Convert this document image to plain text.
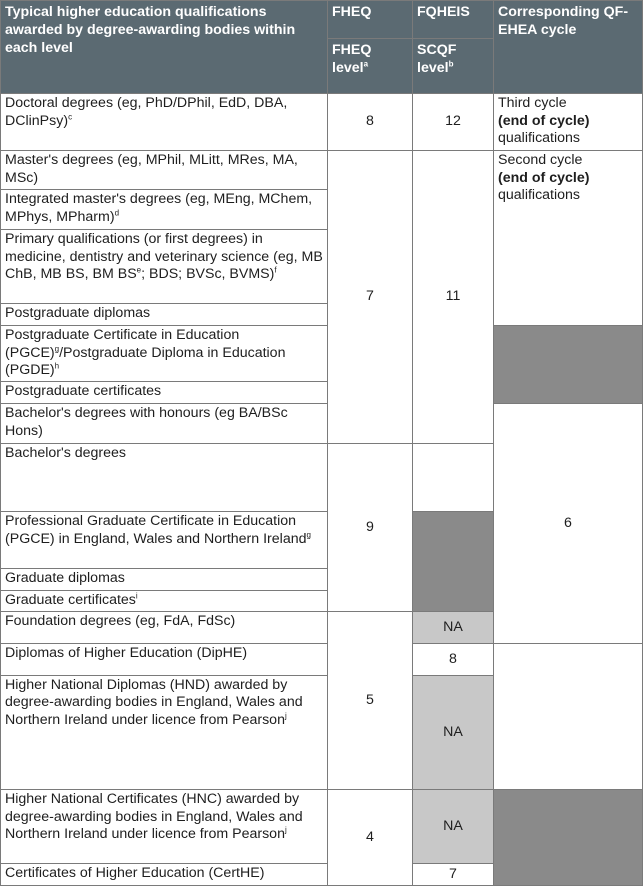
Typical higher education qualifications awarded by degree-awarding bodies within each level	FHEQ	FQHEIS	Corresponding QF-EHEA cycle	
	FHEQ level$^a$	SCQF level$^b$
Doctoral degrees (eg, PhD/DPhil, EdD, DBA, DClinPsy)$^c$	8	12	Third cycle
(end of cycle)
qualifications	
Master's degrees (eg, MPhil, MLitt, MRes, MA, MSc)	7	11	Second cycle
(end of cycle)
qualifications	
Integrated master's degrees (eg, MEng, MChem, MPhys, MPharm)$^d$
Primary qualifications (or first degrees) in medicine, dentistry and veterinary science (eg, MB ChB, MB BS, BM $BS^e$; BDS; BVSc, BVMS)$^f$
Postgraduate diplomas				
Postgraduate Certificate in Education (PGCE)$^g$/Postgraduate Diploma in Education (PGDE)$^h$	
Postgraduate certificates				
Bachelor's degrees with honours (eg BA/BSc Hons)			6		

Bachelor's degrees	9			
Professional Graduate Certificate in Education (PGCE) in England, Wales and Northern Ireland$^g$	
Graduate diplomas				
Graduate certificates$^i$
Foundation degrees (eg, FdA, FdSc)	5	NA	

Diplomas of Higher Education (DipHE)		8		
Higher National Diplomas (HND) awarded by degree-awarding bodies in England, Wales and Northern Ireland under licence from Pearson$^j$		NA		
Higher National Certificates (HNC) awarded by degree-awarding bodies in England, Wales and Northern Ireland under licence from Pearson$^j$	4	NA		
Certificates of Higher Education (CertHE)		7		
